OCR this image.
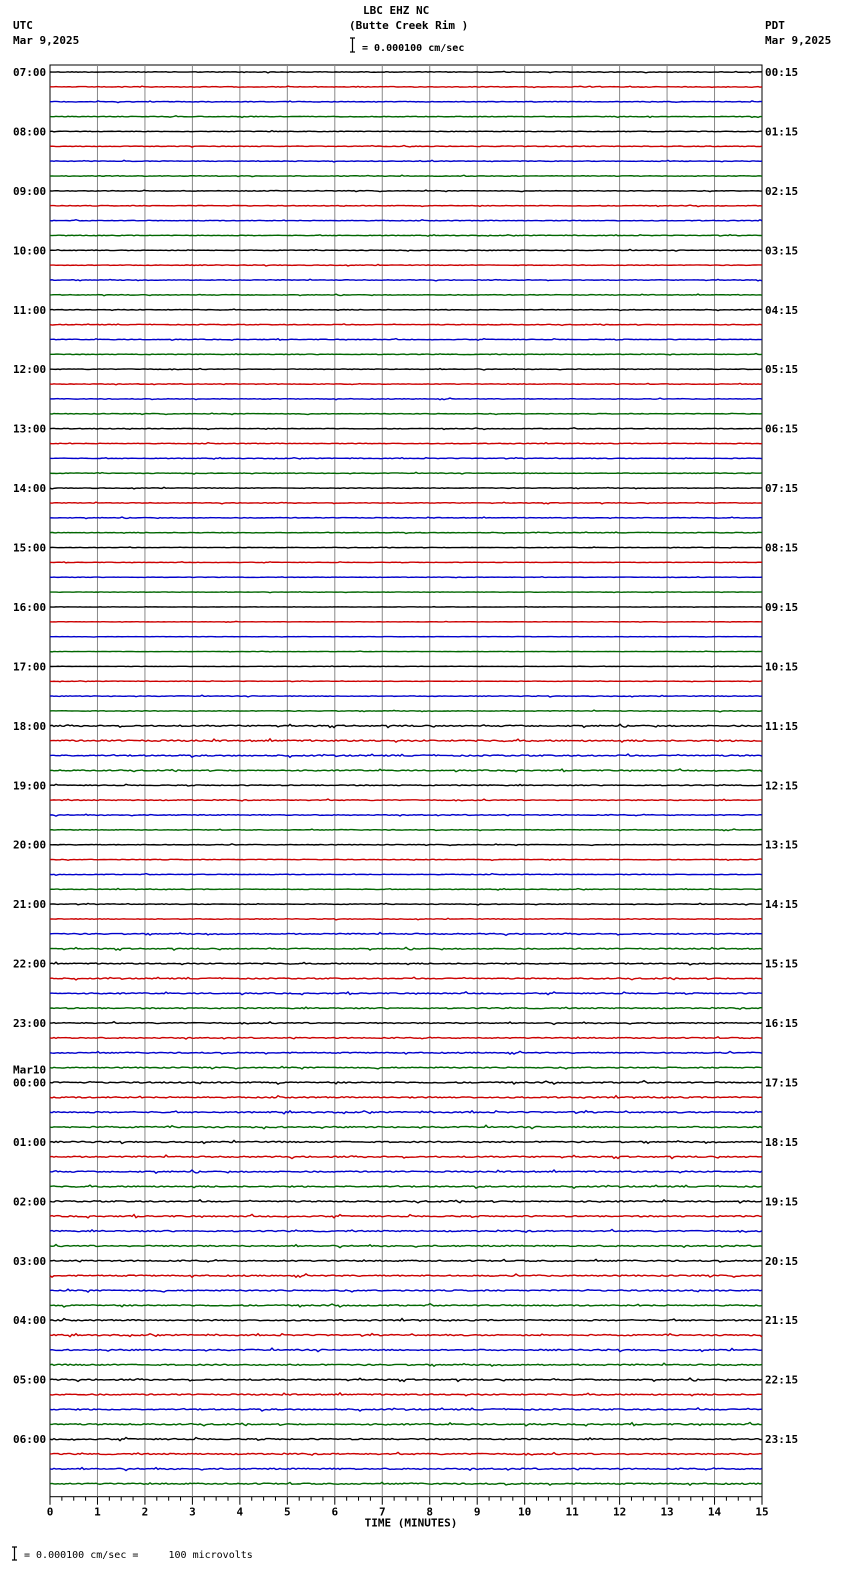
LBC EHZ NC
(Butte Creek Rim )
= 0.000100 cm/sec
UTC
Mar 9,2025
PDT
Mar 9,2025
= 0.000100 cm/sec =     100 microvolts
07:00
08:00
09:00
10:00
11:00
12:00
13:00
14:00
15:00
16:00
17:00
18:00
19:00
20:00
21:00
22:00
23:00
00:00
01:00
02:00
03:00
04:00
05:00
06:00
00:15
01:15
02:15
03:15
04:15
05:15
06:15
07:15
08:15
09:15
10:15
11:15
12:15
13:15
14:15
15:15
16:15
17:15
18:15
19:15
20:15
21:15
22:15
23:15
Mar10
0	1	2	3	4	5	6	7	8	9	10	11	12	13	14	15
TIME (MINUTES)
